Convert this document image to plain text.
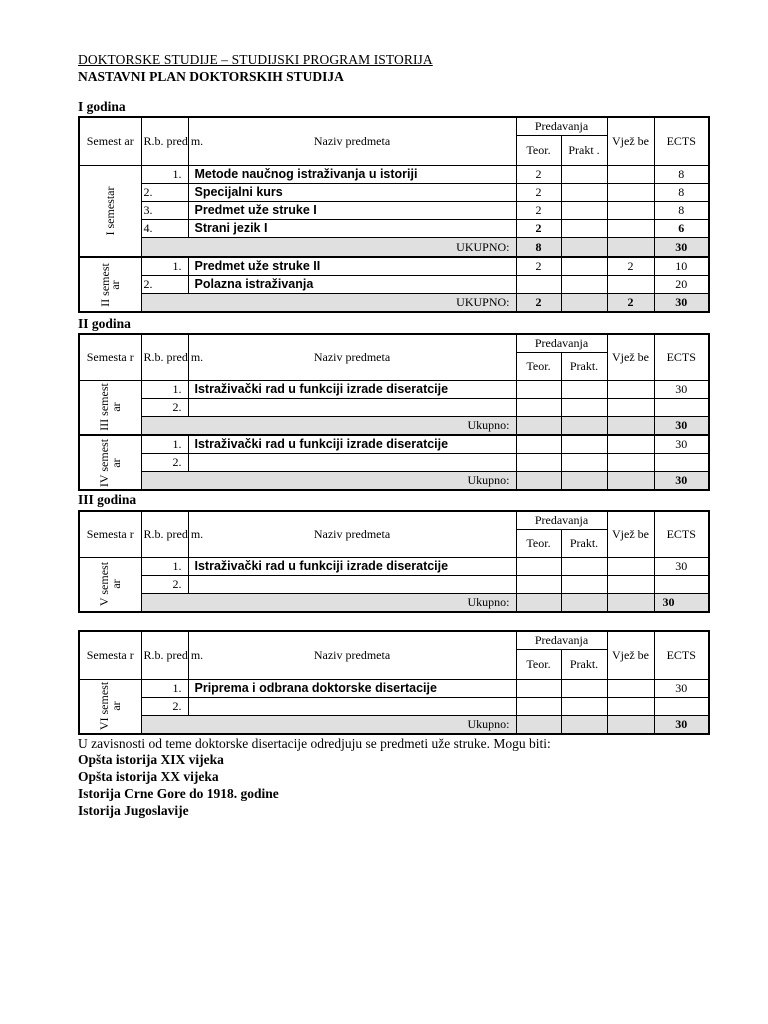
DOKTORSKE STUDIJE – STUDIJSKI PROGRAM ISTORIJA
NASTAVNI PLAN DOKTORSKIH STUDIJA
I godina
Semest ar	R.b. pred m.	Naziv predmeta	Predavanja		Vjež be	ECTS
			Teor.	Prakt .		

I semestar	1.	Metode naučnog istraživanja u istoriji	2			8
	2.	Specijalni kurs	2			8
	3.	Predmet uže struke I	2			8
	4.	Strani jezik I	2			6
	UKUPNO:		8			30

II semest ar	1.	Predmet uže struke II	2		2	10
	2.	Polazna istraživanja				20
	UKUPNO:		2		2	30
II godina
Semesta r	R.b. pred m.	Naziv predmeta	Predavanja		Vjež be	ECTS
			Teor.	Prakt.		

III semest ar	1.	Istraživački rad u funkciji izrade diseratcije				30
	2.					
	Ukupno:					30

IV semest ar	1.	Istraživački rad u funkciji izrade diseratcije				30
	2.					
	Ukupno:					30
III godina
Semesta r	R.b. pred m.	Naziv predmeta	Predavanja		Vjež be	ECTS
			Teor.	Prakt.		

V semest ar	1.	Istraživački rad u funkciji izrade diseratcije				30
	2.					
	Ukupno:					30
Semesta r	R.b. pred m.	Naziv predmeta	Predavanja		Vjež be	ECTS
			Teor.	Prakt.		

VI semest ar	1.	Priprema i odbrana doktorske disertacije				30
	2.					
	Ukupno:					30
U zavisnosti od teme doktorske disertacije odredjuju se predmeti uže struke. Mogu biti:
Opšta istorija XIX vijeka
Opšta istorija XX vijeka
Istorija Crne Gore do 1918. godine
Istorija Jugoslavije
